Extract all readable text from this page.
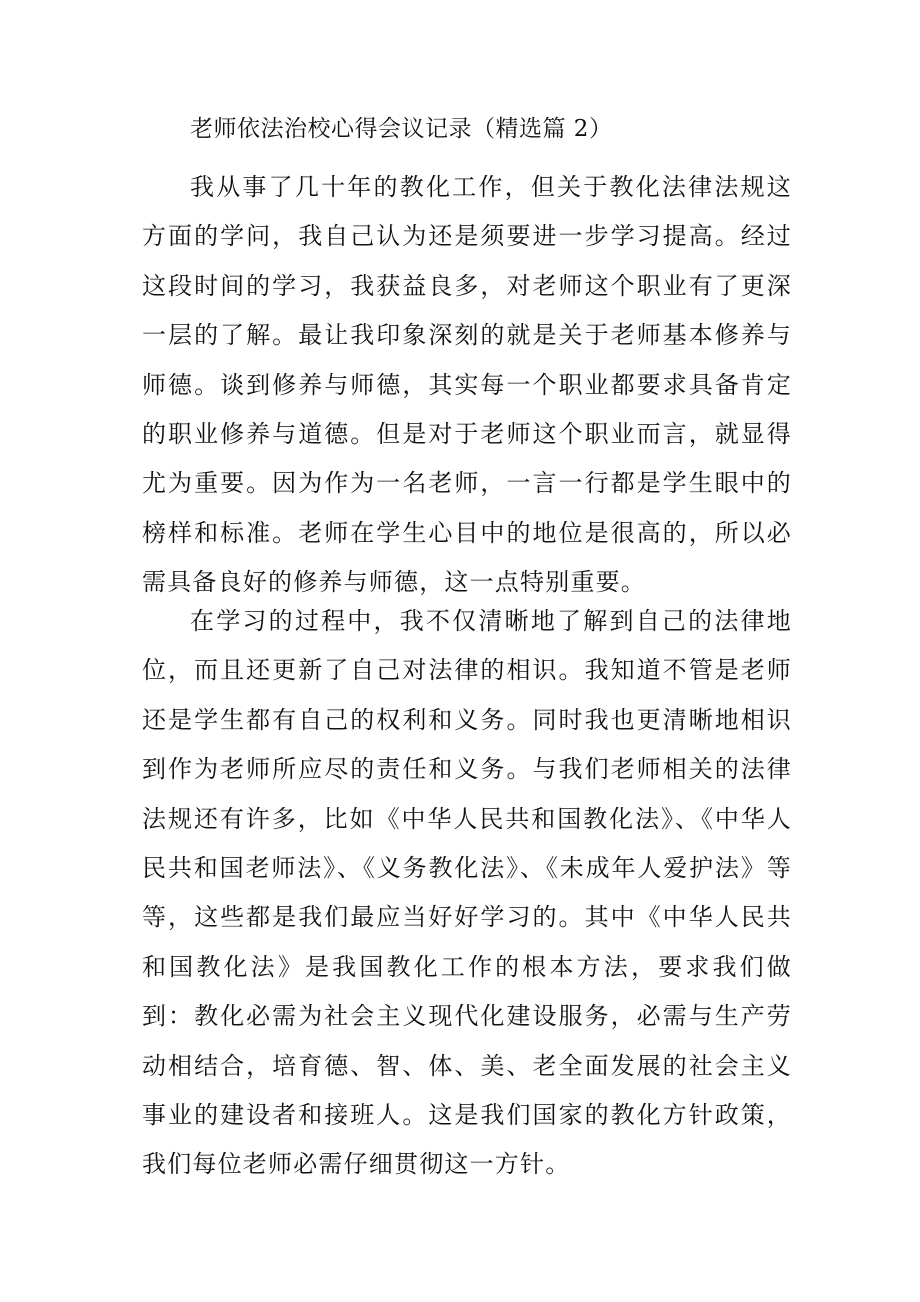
老师依法治校心得会议记录（精选篇 2）

我从事了几十年的教化工作，但关于教化法律法规这方面的学问，我自己认为还是须要进一步学习提高。经过这段时间的学习，我获益良多，对老师这个职业有了更深一层的了解。最让我印象深刻的就是关于老师基本修养与师德。谈到修养与师德，其实每一个职业都要求具备肯定的职业修养与道德。但是对于老师这个职业而言，就显得尤为重要。因为作为一名老师，一言一行都是学生眼中的榜样和标准。老师在学生心目中的地位是很高的，所以必需具备良好的修养与师德，这一点特别重要。

在学习的过程中，我不仅清晰地了解到自己的法律地位，而且还更新了自己对法律的相识。我知道不管是老师还是学生都有自己的权利和义务。同时我也更清晰地相识到作为老师所应尽的责任和义务。与我们老师相关的法律法规还有许多，比如《中华人民共和国教化法》、《中华人民共和国老师法》、《义务教化法》、《未成年人爱护法》等等，这些都是我们最应当好好学习的。其中《中华人民共和国教化法》是我国教化工作的根本方法，要求我们做到：教化必需为社会主义现代化建设服务，必需与生产劳动相结合，培育德、智、体、美、老全面发展的社会主义事业的建设者和接班人。这是我们国家的教化方针政策，我们每位老师必需仔细贯彻这一方针。
